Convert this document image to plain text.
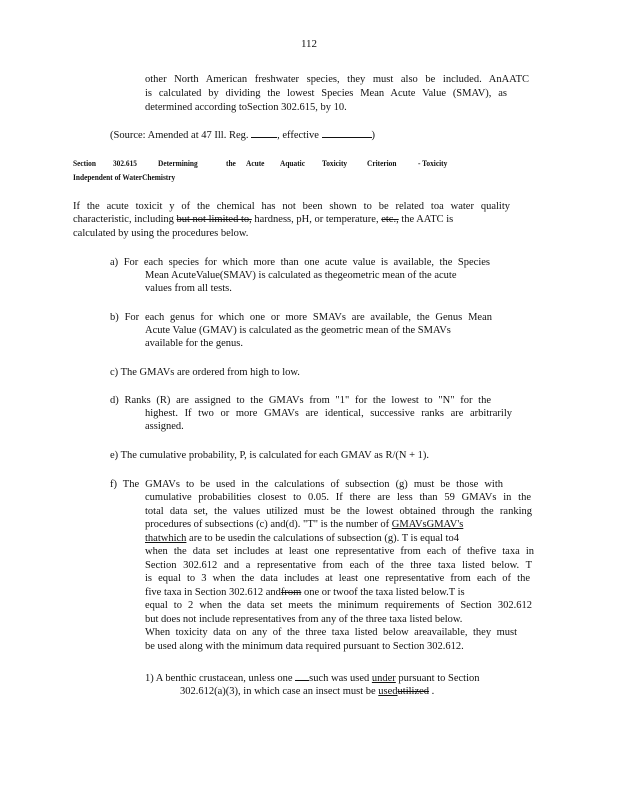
112
other North American freshwater species, they must also be included. AnAATC
is calculated by dividing the lowest Species Mean Acute Value (SMAV), as
determined according toSection 302.615, by 10.
(Source: Amended at 47 Ill. Reg.	, effective	)
Section 302.615	Determining	the Acute Aquatic Toxicity Criterion	- Toxicity
Independent of WaterChemistry
If the acute toxicit y of the chemical has not been shown to be related toa water quality
characteristic, including but not limited to, hardness, pH, or temperature, etc., the AATC is
calculated by using the procedures below.
a) For each species for which more than one acute value is available, the Species
Mean AcuteValue(SMAV) is calculated as thegeometric mean of the acute
values from all tests.
b) For each genus for which one or more SMAVs are available, the Genus Mean
Acute Value (GMAV) is calculated as the geometric mean of the SMAVs
available for the genus.
c) The GMAVs are ordered from high to low.
d) Ranks (R) are assigned to the GMAVs from "1" for the lowest to "N" for the
highest. If two or more GMAVs are identical, successive ranks are arbitrarily
assigned.
e) The cumulative probability, P, is calculated for each GMAV as R/(N + 1).
f) The GMAVs to be used in the calculations of subsection (g) must be those with
cumulative probabilities closest to 0.05. If there are less than 59 GMAVs in the
total data set, the values utilized must be the lowest obtained through the ranking
procedures of subsections (c) and(d). "T" is the number of GMAVsGMAV's
thatwhich are to be usedin the calculations of subsection (g). T is equal to4
when the data set includes at least one representative from each of thefive taxa in
Section 302.612 and a representative from each of the three taxa listed below. T
is equal to 3 when the data includes at least one representative from each of the
five taxa in Section 302.612 andfrom one or twoof the taxa listed below.T is
equal to 2 when the data set meets the minimum requirements of Section 302.612
but does not include representatives from any of the three taxa listed below.
When toxicity data on any of the three taxa listed below areavailable, they must
be used along with the minimum data required pursuant to Section 302.612.
1) A benthic crustacean, unless one such was used under pursuant to Section
302.612(a)(3), in which case an insect must be usedutilized .
